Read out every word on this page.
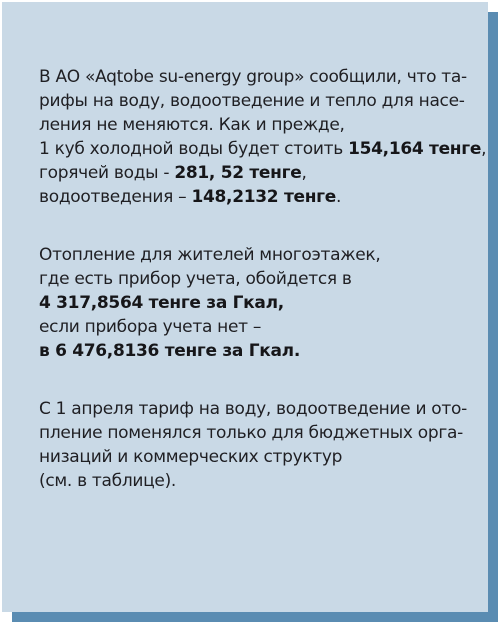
В АО «Aqtobe su-energy group» сообщили, что та-
рифы на воду, водоотведение и тепло для насе-
ления не меняются. Как и прежде,
1 куб холодной воды будет стоить 154,164 тенге,
горячей воды - 281, 52 тенге,
водоотведения – 148,2132 тенге.
Отопление для жителей многоэтажек,
где есть прибор учета, обойдется в
4 317,8564 тенге за Гкал,
если прибора учета нет –
в 6 476,8136 тенге за Гкал.
С 1 апреля тариф на воду, водоотведение и ото-
пление поменялся только для бюджетных орга-
низаций и коммерческих структур
(см. в таблице).
